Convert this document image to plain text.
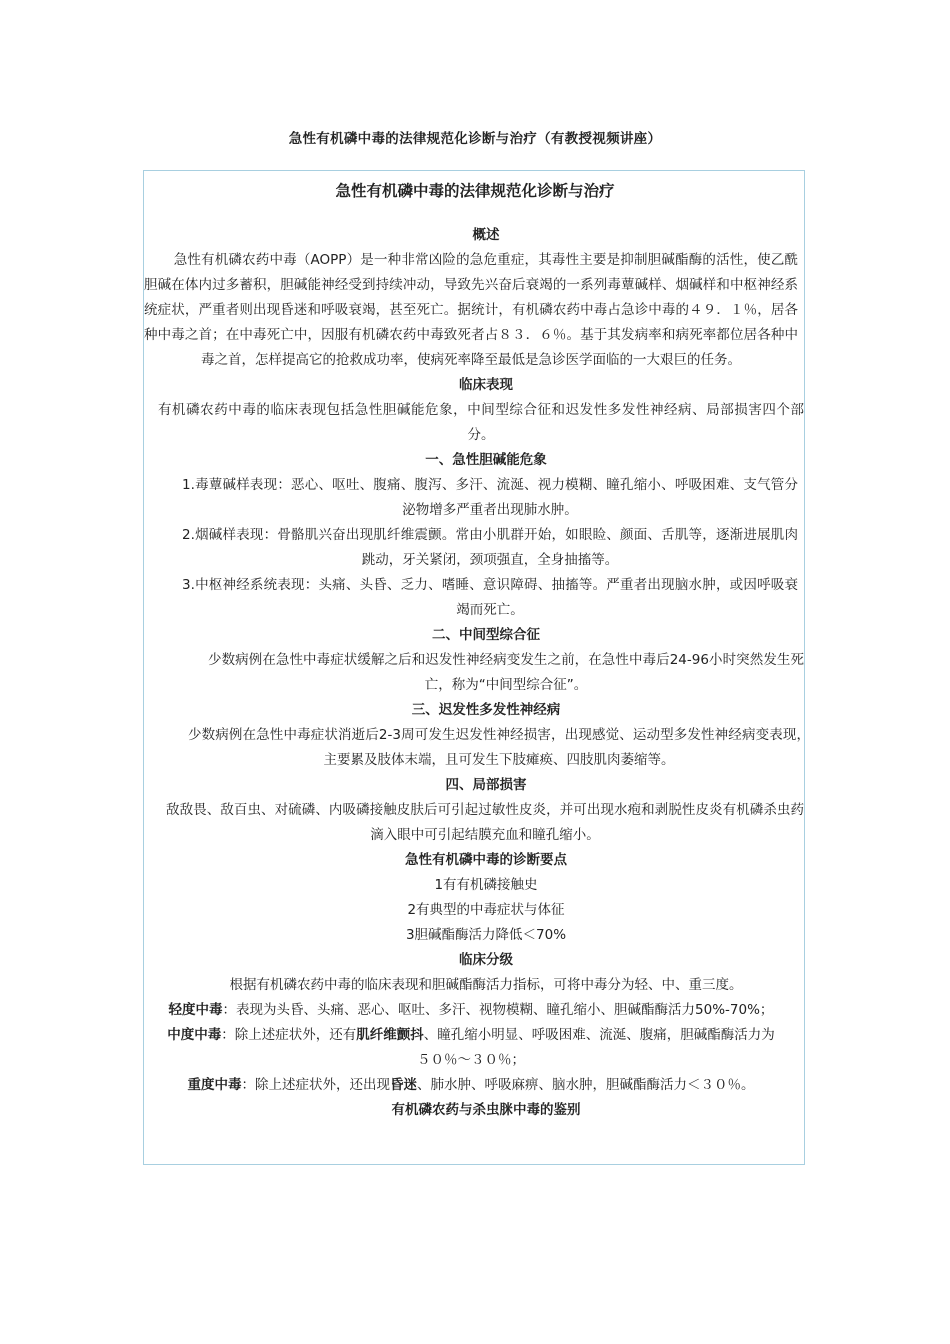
急性有机磷中毒的法律规范化诊断与治疗（有教授视频讲座）
急性有机磷中毒的法律规范化诊断与治疗
概述
急性有机磷农药中毒（AOPP）是一种非常凶险的急危重症，其毒性主要是抑制胆碱酯酶的活性，使乙酰胆碱在体内过多蓄积，胆碱能神经受到持续冲动，导致先兴奋后衰竭的一系列毒蕈碱样、烟碱样和中枢神经系统症状，严重者则出现昏迷和呼吸衰竭，甚至死亡。据统计，有机磷农药中毒占急诊中毒的４９．１％，居各种中毒之首；在中毒死亡中，因服有机磷农药中毒致死者占８３．６％。基于其发病率和病死率都位居各种中毒之首，怎样提高它的抢救成功率，使病死率降至最低是急诊医学面临的一大艰巨的任务。
临床表现
有机磷农药中毒的临床表现包括急性胆碱能危象，中间型综合征和迟发性多发性神经病、局部损害四个部分。
一、急性胆碱能危象
1.毒蕈碱样表现：恶心、呕吐、腹痛、腹泻、多汗、流涎、视力模糊、瞳孔缩小、呼吸困难、支气管分泌物增多严重者出现肺水肿。
2.烟碱样表现：骨骼肌兴奋出现肌纤维震颤。常由小肌群开始，如眼睑、颜面、舌肌等，逐渐进展肌肉跳动，牙关紧闭，颈项强直，全身抽搐等。
3.中枢神经系统表现：头痛、头昏、乏力、嗜睡、意识障碍、抽搐等。严重者出现脑水肿，或因呼吸衰竭而死亡。
二、中间型综合征
少数病例在急性中毒症状缓解之后和迟发性神经病变发生之前，在急性中毒后24-96小时突然发生死亡，称为“中间型综合征”。
三、迟发性多发性神经病
少数病例在急性中毒症状消逝后2-3周可发生迟发性神经损害，出现感觉、运动型多发性神经病变表现，主要累及肢体末端，且可发生下肢瘫痪、四肢肌肉萎缩等。
四、局部损害
敌敌畏、敌百虫、对硫磷、内吸磷接触皮肤后可引起过敏性皮炎，并可出现水疱和剥脱性皮炎有机磷杀虫药滴入眼中可引起结膜充血和瞳孔缩小。
急性有机磷中毒的诊断要点
1有有机磷接触史
2有典型的中毒症状与体征
3胆碱酯酶活力降低＜70%
临床分级
根据有机磷农药中毒的临床表现和胆碱酯酶活力指标，可将中毒分为轻、中、重三度。
轻度中毒：表现为头昏、头痛、恶心、呕吐、多汗、视物模糊、瞳孔缩小、胆碱酯酶活力50%-70%；
中度中毒：除上述症状外，还有肌纤维颤抖、瞳孔缩小明显、呼吸困难、流涎、腹痛，胆碱酯酶活力为
５０％～３０％；
重度中毒：除上述症状外，还出现昏迷、肺水肿、呼吸麻痹、脑水肿，胆碱酯酶活力＜３０％。
有机磷农药与杀虫脒中毒的鉴别
